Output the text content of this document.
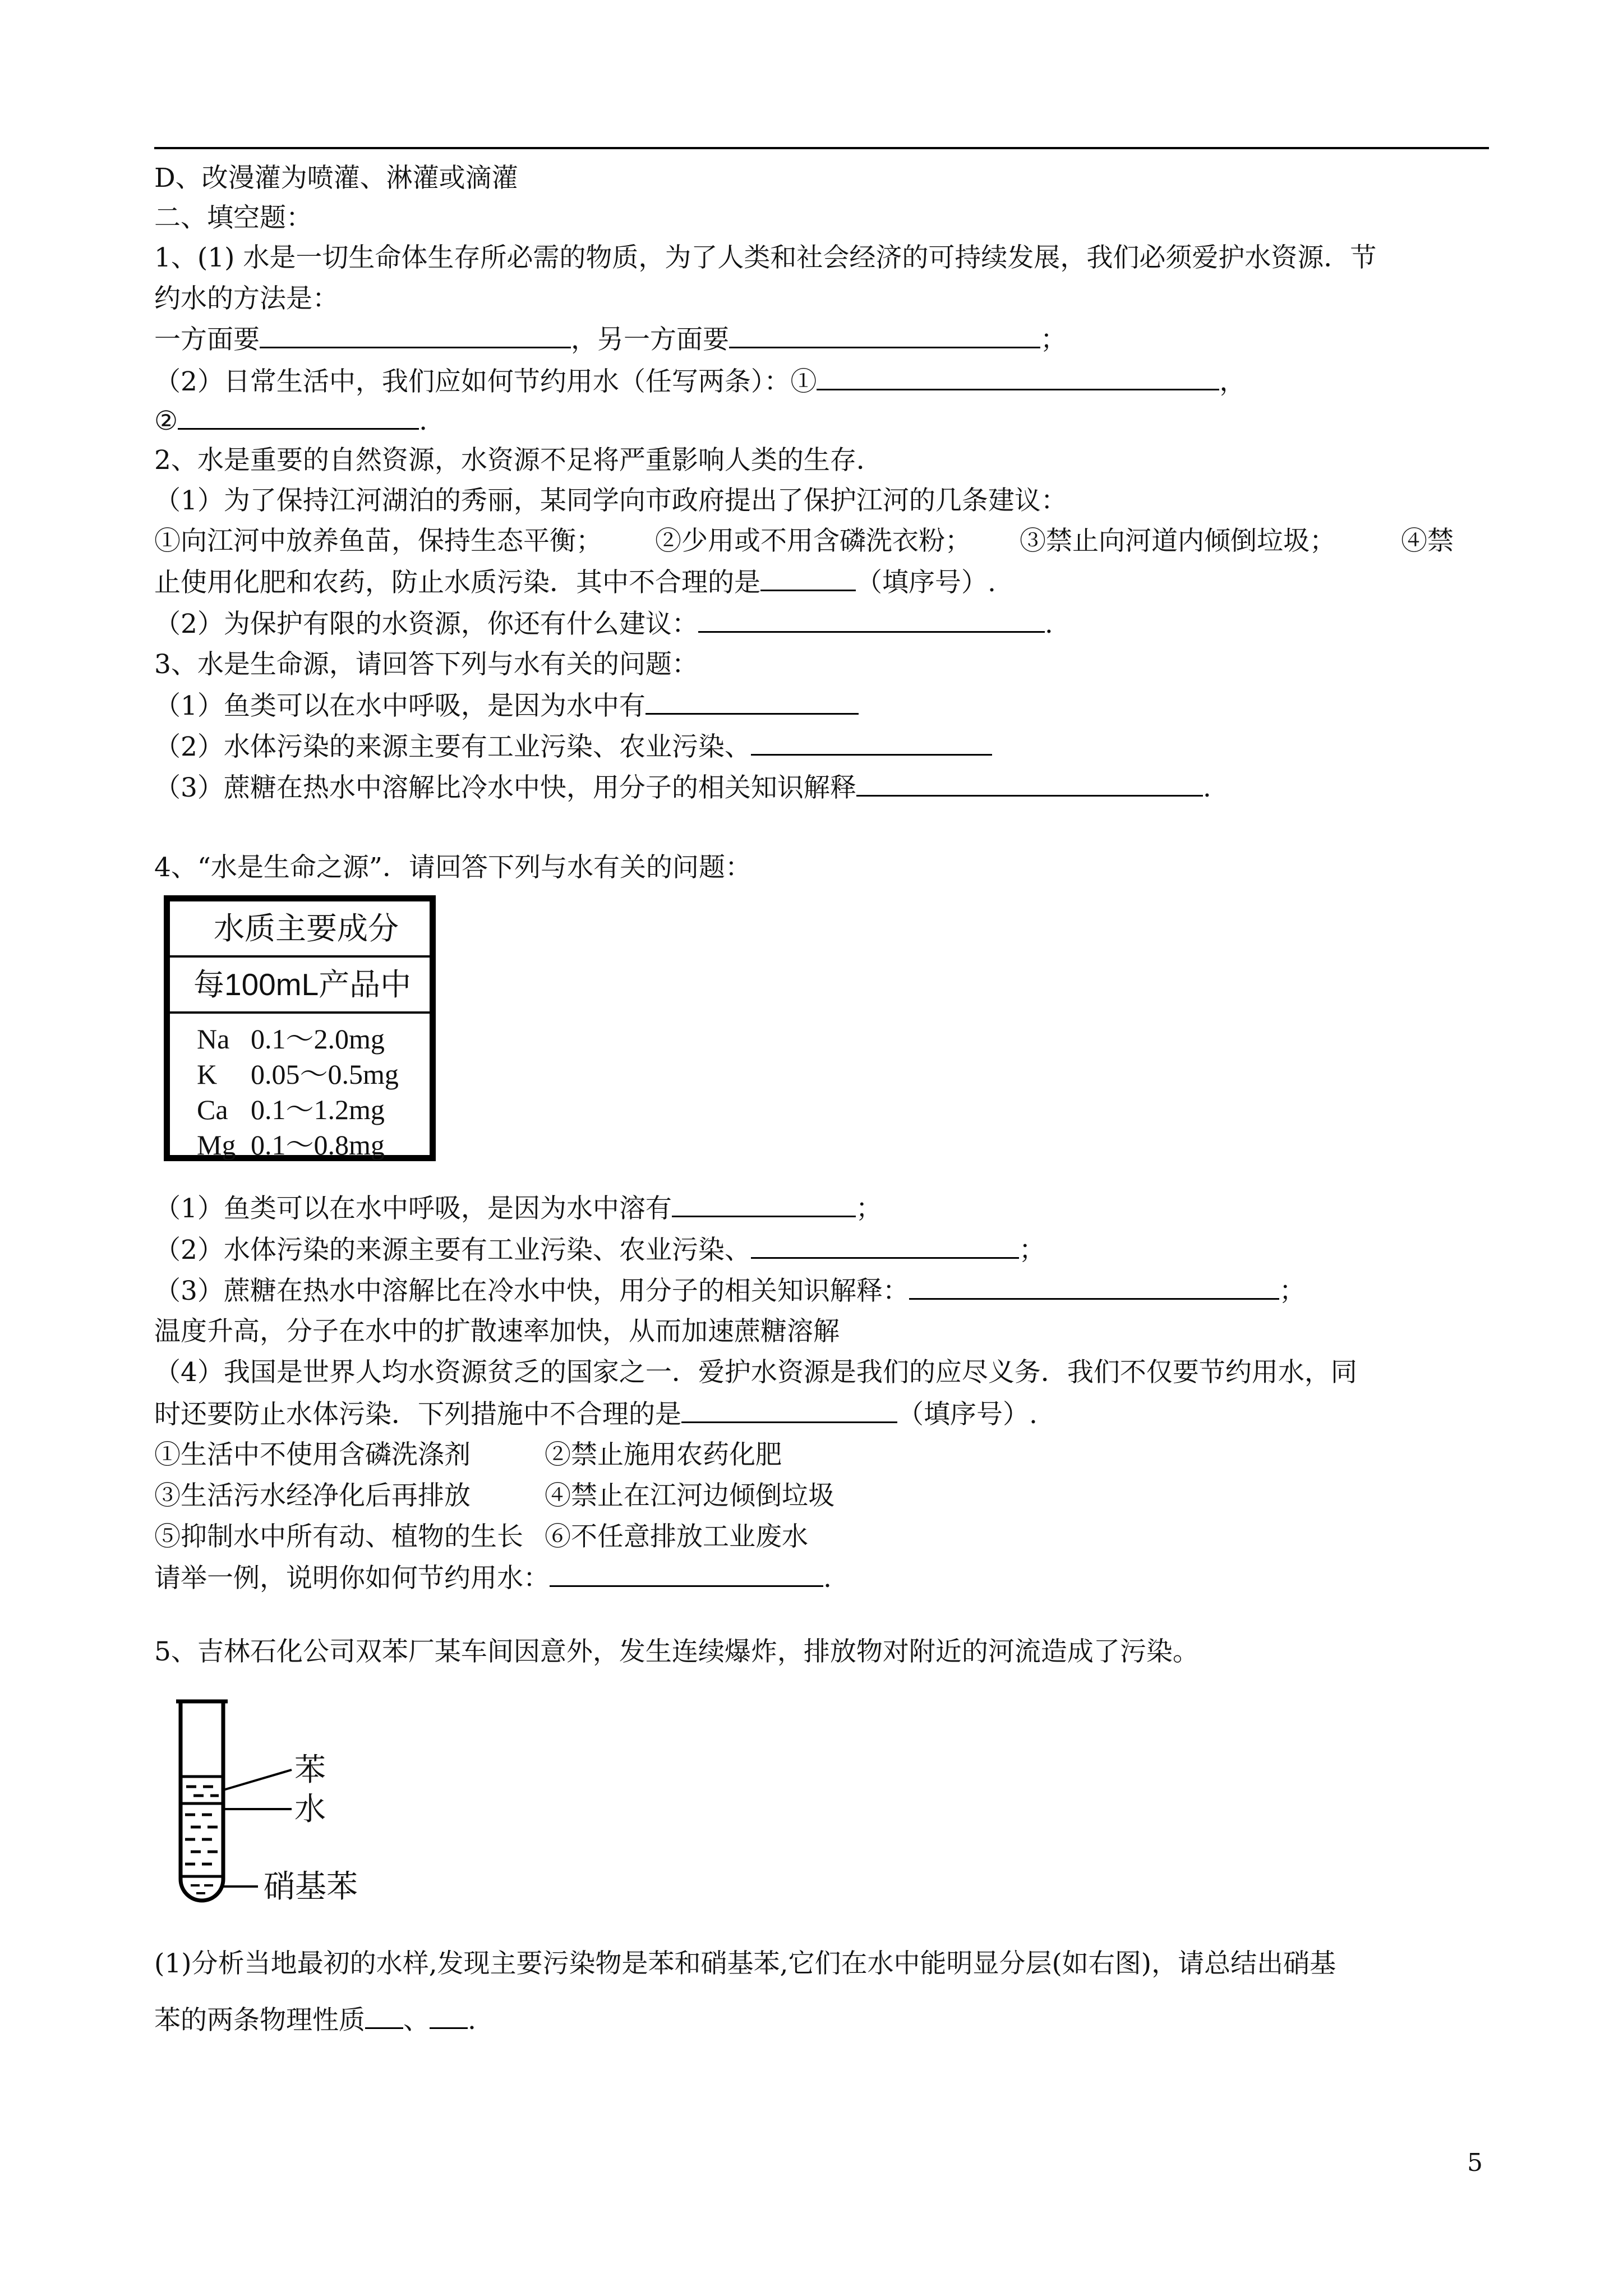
D、改漫灌为喷灌、淋灌或滴灌
二、填空题：
1、(1) 水是一切生命体生存所必需的物质，为了人类和社会经济的可持续发展，我们必须爱护水资源．节
约水的方法是：
一方面要	，另一方面要	；
（2）日常生活中，我们应如何节约用水（任写两条）：①	，
②	.
2、水是重要的自然资源，水资源不足将严重影响人类的生存．
（1）为了保持江河湖泊的秀丽，某同学向市政府提出了保护江河的几条建议：
①向江河中放养鱼苗，保持生态平衡； ②少用或不用含磷洗衣粉； ③禁止向河道内倾倒垃圾； ④禁
止使用化肥和农药，防止水质污染．其中不合理的是	（填序号）.
（2）为保护有限的水资源，你还有什么建议：	.
3、水是生命源，请回答下列与水有关的问题：
（1）鱼类可以在水中呼吸，是因为水中有
（2）水体污染的来源主要有工业污染、农业污染、
（3）蔗糖在热水中溶解比冷水中快，用分子的相关知识解释	.
4、“水是生命之源”．请回答下列与水有关的问题：
水质主要成分
每100mL产品中
Na 0.1～2.0mg
K 0.05～0.5mg
Ca 0.1～1.2mg
Mg 0.1～0.8mg
（1）鱼类可以在水中呼吸，是因为水中溶有	；
（2）水体污染的来源主要有工业污染、农业污染、	；
（3）蔗糖在热水中溶解比在冷水中快，用分子的相关知识解释：	；
温度升高，分子在水中的扩散速率加快，从而加速蔗糖溶解
（4）我国是世界人均水资源贫乏的国家之一．爱护水资源是我们的应尽义务．我们不仅要节约用水，同
时还要防止水体污染．下列措施中不合理的是	（填序号）.
①生活中不使用含磷洗涤剂	②禁止施用农药化肥
③生活污水经净化后再排放	④禁止在江河边倾倒垃圾
⑤抑制水中所有动、植物的生长 ⑥不任意排放工业废水
请举一例，说明你如何节约用水：	.
5、吉林石化公司双苯厂某车间因意外，发生连续爆炸，排放物对附近的河流造成了污染。
苯
水
硝基苯
(1)分析当地最初的水样,发现主要污染物是苯和硝基苯,它们在水中能明显分层(如右图)，请总结出硝基
苯的两条物理性质 、 .
5
